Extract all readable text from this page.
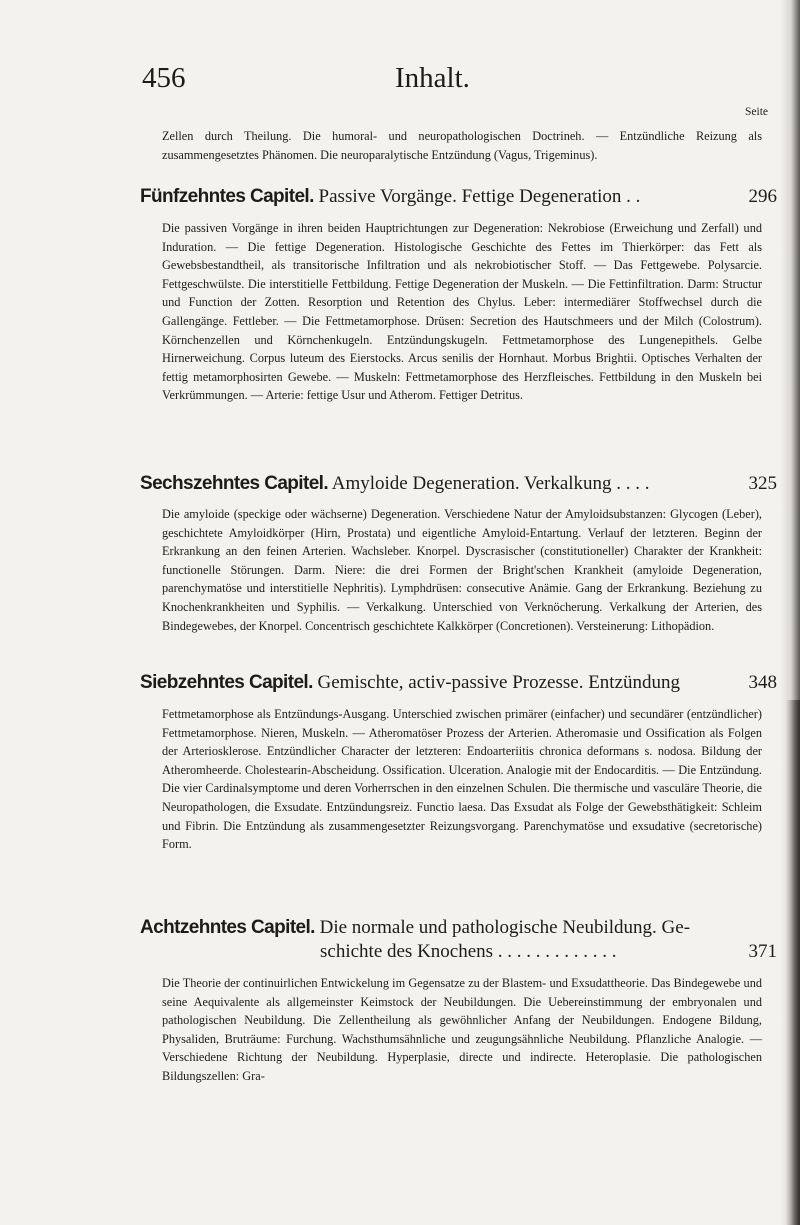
456	Inhalt.
Seite
Zellen durch Theilung. Die humoral- und neuropathologischen Doctrineh. — Entzündliche Reizung als zusammengesetztes Phänomen. Die neuroparalytische Entzündung (Vagus, Trigeminus).
Fünfzehntes Capitel. Passive Vorgänge. Fettige Degeneration . .	296
Die passiven Vorgänge in ihren beiden Hauptrichtungen zur Degeneration: Nekrobiose (Erweichung und Zerfall) und Induration. — Die fettige Degeneration. Histologische Geschichte des Fettes im Thierkörper: das Fett als Gewebsbestandtheil, als transitorische Infiltration und als nekrobiotischer Stoff. — Das Fettgewebe. Polysarcie. Fettgeschwülste. Die interstitielle Fettbildung. Fettige Degeneration der Muskeln. — Die Fettinfiltration. Darm: Structur und Function der Zotten. Resorption und Retention des Chylus. Leber: intermediärer Stoffwechsel durch die Gallengänge. Fettleber. — Die Fettmetamorphose. Drüsen: Secretion des Hautschmeers und der Milch (Colostrum). Körnchenzellen und Körnchenkugeln. Entzündungskugeln. Fettmetamorphose des Lungenepithels. Gelbe Hirnerweichung. Corpus luteum des Eierstocks. Arcus senilis der Hornhaut. Morbus Brightii. Optisches Verhalten der fettig metamorphosirten Gewebe. — Muskeln: Fettmetamorphose des Herzfleisches. Fettbildung in den Muskeln bei Verkrümmungen. — Arterie: fettige Usur und Atherom. Fettiger Detritus.
Sechszehntes Capitel. Amyloide Degeneration. Verkalkung . . . .	325
Die amyloide (speckige oder wächserne) Degeneration. Verschiedene Natur der Amyloidsubstanzen: Glycogen (Leber), geschichtete Amyloidkörper (Hirn, Prostata) und eigentliche Amyloid-Entartung. Verlauf der letzteren. Beginn der Erkrankung an den feinen Arterien. Wachsleber. Knorpel. Dyscrasischer (constitutioneller) Charakter der Krankheit: functionelle Störungen. Darm. Niere: die drei Formen der Bright'schen Krankheit (amyloide Degeneration, parenchymatöse und interstitielle Nephritis). Lymphdrüsen: consecutive Anämie. Gang der Erkrankung. Beziehung zu Knochenkrankheiten und Syphilis. — Verkalkung. Unterschied von Verknöcherung. Verkalkung der Arterien, des Bindegewebes, der Knorpel. Concentrisch geschichtete Kalkkörper (Concretionen). Versteinerung: Lithopädion.
Siebzehntes Capitel. Gemischte, activ-passive Prozesse. Entzündung	348
Fettmetamorphose als Entzündungs-Ausgang. Unterschied zwischen primärer (einfacher) und secundärer (entzündlicher) Fettmetamorphose. Nieren, Muskeln. — Atheromatöser Prozess der Arterien. Atheromasie und Ossification als Folgen der Arteriosklerose. Entzündlicher Character der letzteren: Endoarteriitis chronica deformans s. nodosa. Bildung der Atheromheerde. Cholestearin-Abscheidung. Ossification. Ulceration. Analogie mit der Endocarditis. — Die Entzündung. Die vier Cardinalsymptome und deren Vorherrschen in den einzelnen Schulen. Die thermische und vasculäre Theorie, die Neuropathologen, die Exsudate. Entzündungsreiz. Functio laesa. Das Exsudat als Folge der Gewebsthätigkeit: Schleim und Fibrin. Die Entzündung als zusammengesetzter Reizungsvorgang. Parenchymatöse und exsudative (secretorische) Form.
Achtzehntes Capitel. Die normale und pathologische Neubildung. Ge-
schichte des Knochens . . . . . . . . . . . . .	371
Die Theorie der continuirlichen Entwickelung im Gegensatze zu der Blastem- und Exsudattheorie. Das Bindegewebe und seine Aequivalente als allgemeinster Keimstock der Neubildungen. Die Uebereinstimmung der embryonalen und pathologischen Neubildung. Die Zellentheilung als gewöhnlicher Anfang der Neubildungen. Endogene Bildung, Physaliden, Bruträume: Furchung. Wachsthumsähnliche und zeugungsähnliche Neubildung. Pflanzliche Analogie. — Verschiedene Richtung der Neubildung. Hyperplasie, directe und indirecte. Heteroplasie. Die pathologischen Bildungszellen: Gra-
